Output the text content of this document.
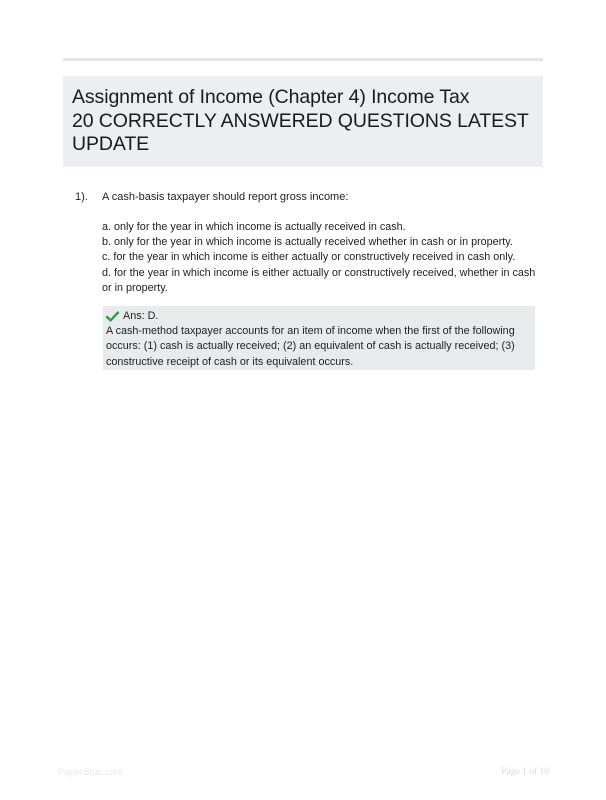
Assignment of Income (Chapter 4) Income Tax
20 CORRECTLY ANSWERED QUESTIONS LATEST
UPDATE
1). A cash-basis taxpayer should report gross income:
a. only for the year in which income is actually received in cash.
b. only for the year in which income is actually received whether in cash or in property.
c. for the year in which income is either actually or constructively received in cash only.
d. for the year in which income is either actually or constructively received, whether in cash
or in property.
Ans: D.
A cash-method taxpayer accounts for an item of income when the first of the following
occurs: (1) cash is actually received; (2) an equivalent of cash is actually received; (3)
constructive receipt of cash or its equivalent occurs.
PaperStuc.com	Page 1 of 10
